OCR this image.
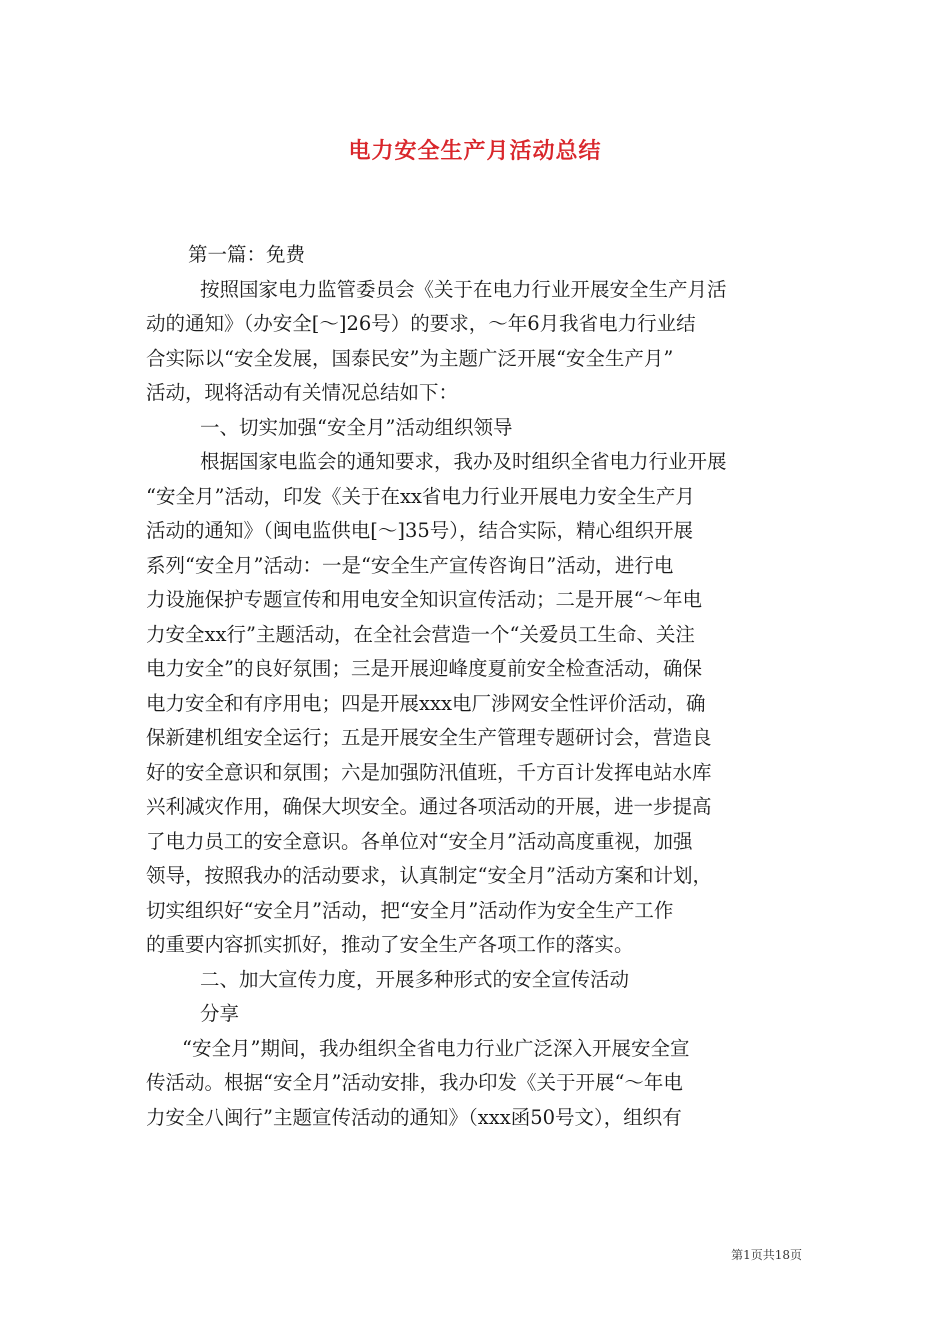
电力安全生产月活动总结
第一篇：免费
按照国家电力监管委员会《关于在电力行业开展安全生产月活
动的通知》（办安全[～]26号）的要求，～年6月我省电力行业结
合实际以“安全发展，国泰民安”为主题广泛开展“安全生产月”
活动，现将活动有关情况总结如下：
一、切实加强“安全月”活动组织领导
根据国家电监会的通知要求，我办及时组织全省电力行业开展
“安全月”活动，印发《关于在xx省电力行业开展电力安全生产月
活动的通知》（闽电监供电[～]35号），结合实际，精心组织开展
系列“安全月”活动：一是“安全生产宣传咨询日”活动，进行电
力设施保护专题宣传和用电安全知识宣传活动；二是开展“～年电
力安全xx行”主题活动，在全社会营造一个“关爱员工生命、关注
电力安全”的良好氛围；三是开展迎峰度夏前安全检查活动，确保
电力安全和有序用电；四是开展xxx电厂涉网安全性评价活动，确
保新建机组安全运行；五是开展安全生产管理专题研讨会，营造良
好的安全意识和氛围；六是加强防汛值班，千方百计发挥电站水库
兴利减灾作用，确保大坝安全。通过各项活动的开展，进一步提高
了电力员工的安全意识。各单位对“安全月”活动高度重视，加强
领导，按照我办的活动要求，认真制定“安全月”活动方案和计划，
切实组织好“安全月”活动，把“安全月”活动作为安全生产工作
的重要内容抓实抓好，推动了安全生产各项工作的落实。
二、加大宣传力度，开展多种形式的安全宣传活动
分享
“安全月”期间，我办组织全省电力行业广泛深入开展安全宣
传活动。根据“安全月”活动安排，我办印发《关于开展“～年电
力安全八闽行”主题宣传活动的通知》（xxx函50号文），组织有
第1页共18页
